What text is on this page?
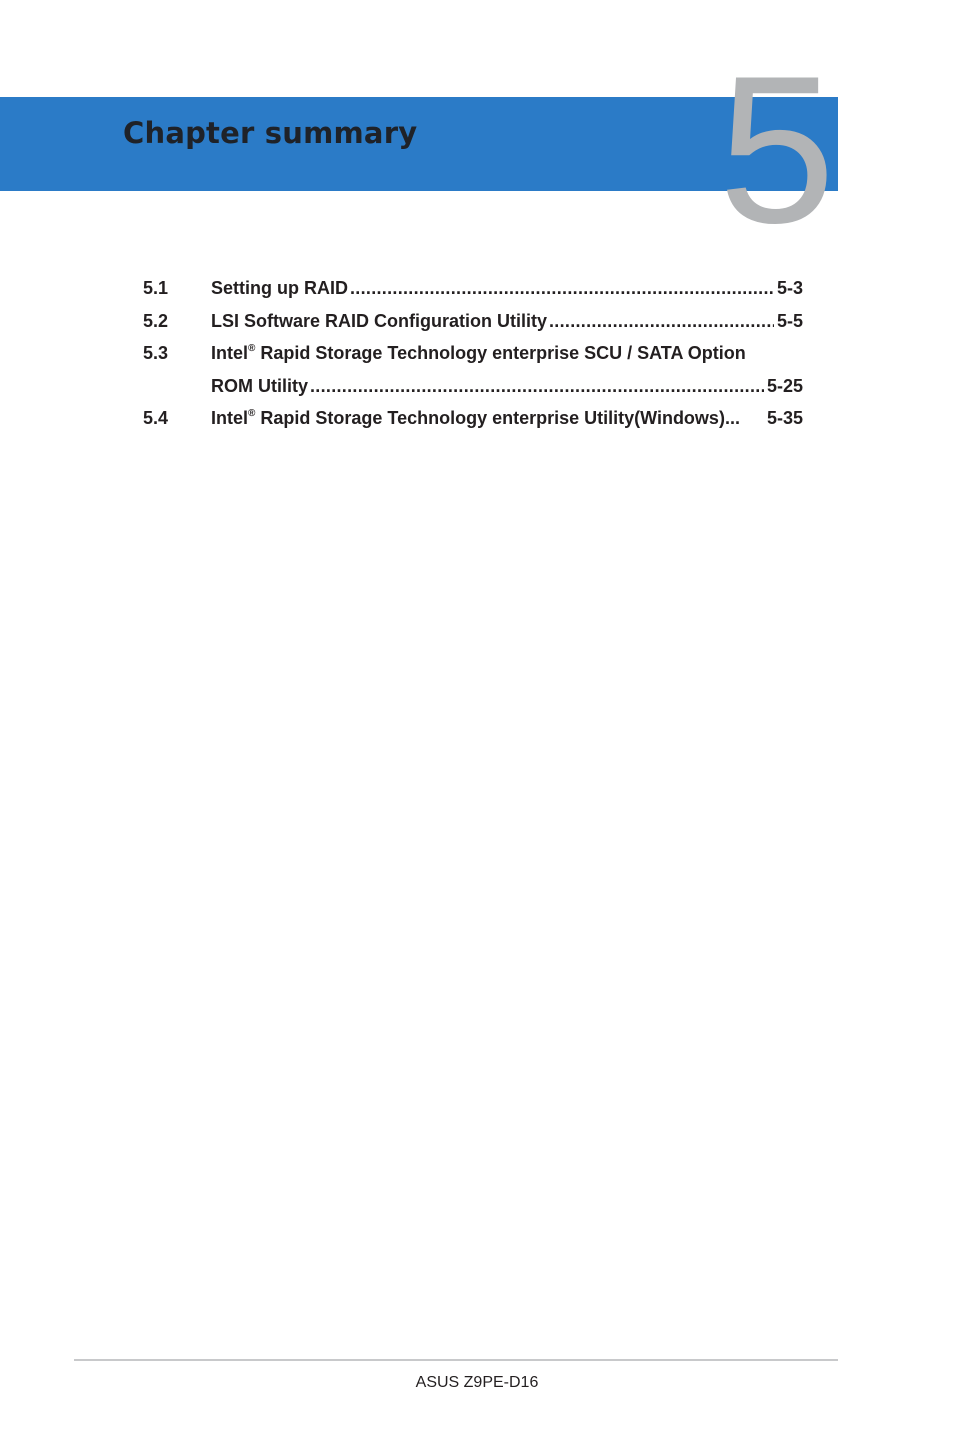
Chapter summary 5
5.1	Setting up RAID .....	5-3
5.2	LSI Software RAID Configuration Utility .....	5-5
5.3	Intel® Rapid Storage Technology enterprise SCU / SATA Option
ROM Utility .....	5-25
5.4	Intel® Rapid Storage Technology enterprise Utility(Windows)... 5-35
ASUS Z9PE-D16
